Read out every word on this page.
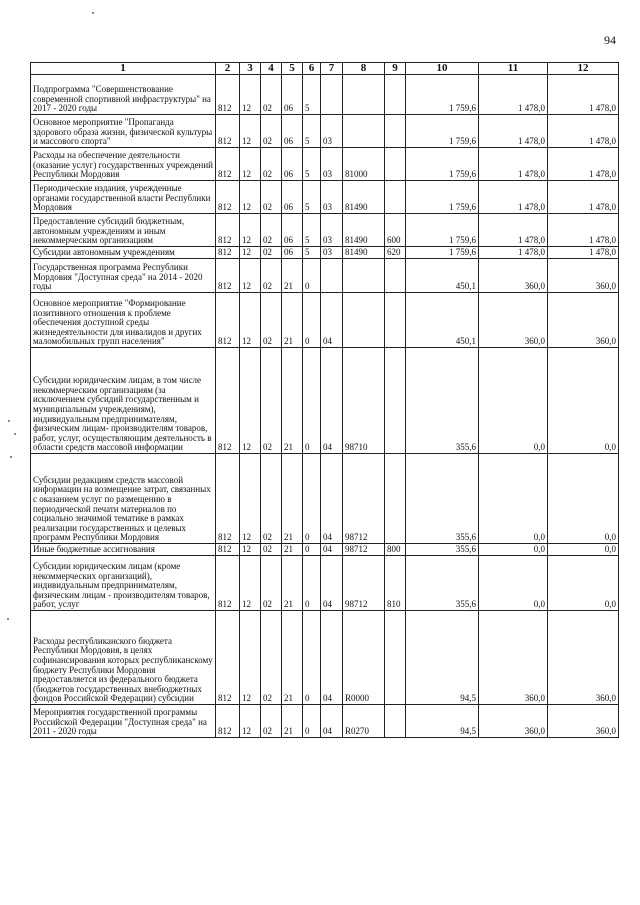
94
1	2	3	4	5	6	7	8	9	10	11	12
Подпрограмма "Совершенствование современной спортивной инфраструктуры" на 2017 - 2020 годы	812	12	02	06	5				1 759,6	1 478,0	1 478,0
Основное мероприятие "Пропаганда здорового образа жизни, физической культуры и массового спорта"	812	12	02	06	5	03			1 759,6	1 478,0	1 478,0
Расходы на обеспечение деятельности (оказание услуг) государственных учреждений Республики Мордовия	812	12	02	06	5	03	81000		1 759,6	1 478,0	1 478,0
Периодические издания, учрежденные органами государственной власти Республики Мордовия	812	12	02	06	5	03	81490		1 759,6	1 478,0	1 478,0
Предоставление субсидий бюджетным, автономным учреждениям и иным некоммерческим организациям	812	12	02	06	5	03	81490	600	1 759,6	1 478,0	1 478,0
Субсидии автономным учреждениям	812	12	02	06	5	03	81490	620	1 759,6	1 478,0	1 478,0
Государственная программа Республики Мордовия "Доступная среда" на 2014 - 2020 годы	812	12	02	21	0				450,1	360,0	360,0
Основное мероприятие "Формирование позитивного отношения к проблеме обеспечения доступной среды жизнедеятельности для инвалидов и других маломобильных групп населения"	812	12	02	21	0	04			450,1	360,0	360,0
Субсидии юридическим лицам, в том числе некоммерческим организациям (за исключением субсидий государственным и муниципальным учреждениям), индивидуальным предпринимателям, физическим лицам- производителям товаров, работ, услуг, осуществляющим деятельность в области средств массовой информации	812	12	02	21	0	04	98710		355,6	0,0	0,0
Субсидии редакциям средств массовой информации на возмещение затрат, связанных с оказанием услуг по размещению в периодической печати материалов по социально значимой тематике в рамках реализации государственных и целевых программ Республики Мордовия	812	12	02	21	0	04	98712		355,6	0,0	0,0
Иные бюджетные ассигнования	812	12	02	21	0	04	98712	800	355,6	0,0	0,0
Субсидии юридическим лицам (кроме некоммерческих организаций), индивидуальным предпринимателям, физическим лицам - производителям товаров, работ, услуг	812	12	02	21	0	04	98712	810	355,6	0,0	0,0
Расходы республиканского бюджета Республики Мордовия, в целях софинансирования которых республиканскому бюджету Республики Мордовия предоставляется из федерального бюджета (бюджетов государственных внебюджетных фондов Российской Федерации) субсидии	812	12	02	21	0	04	R0000		94,5	360,0	360,0
Мероприятия государственной программы Российской Федерации "Доступная среда" на 2011 - 2020 годы	812	12	02	21	0	04	R0270		94,5	360,0	360,0
